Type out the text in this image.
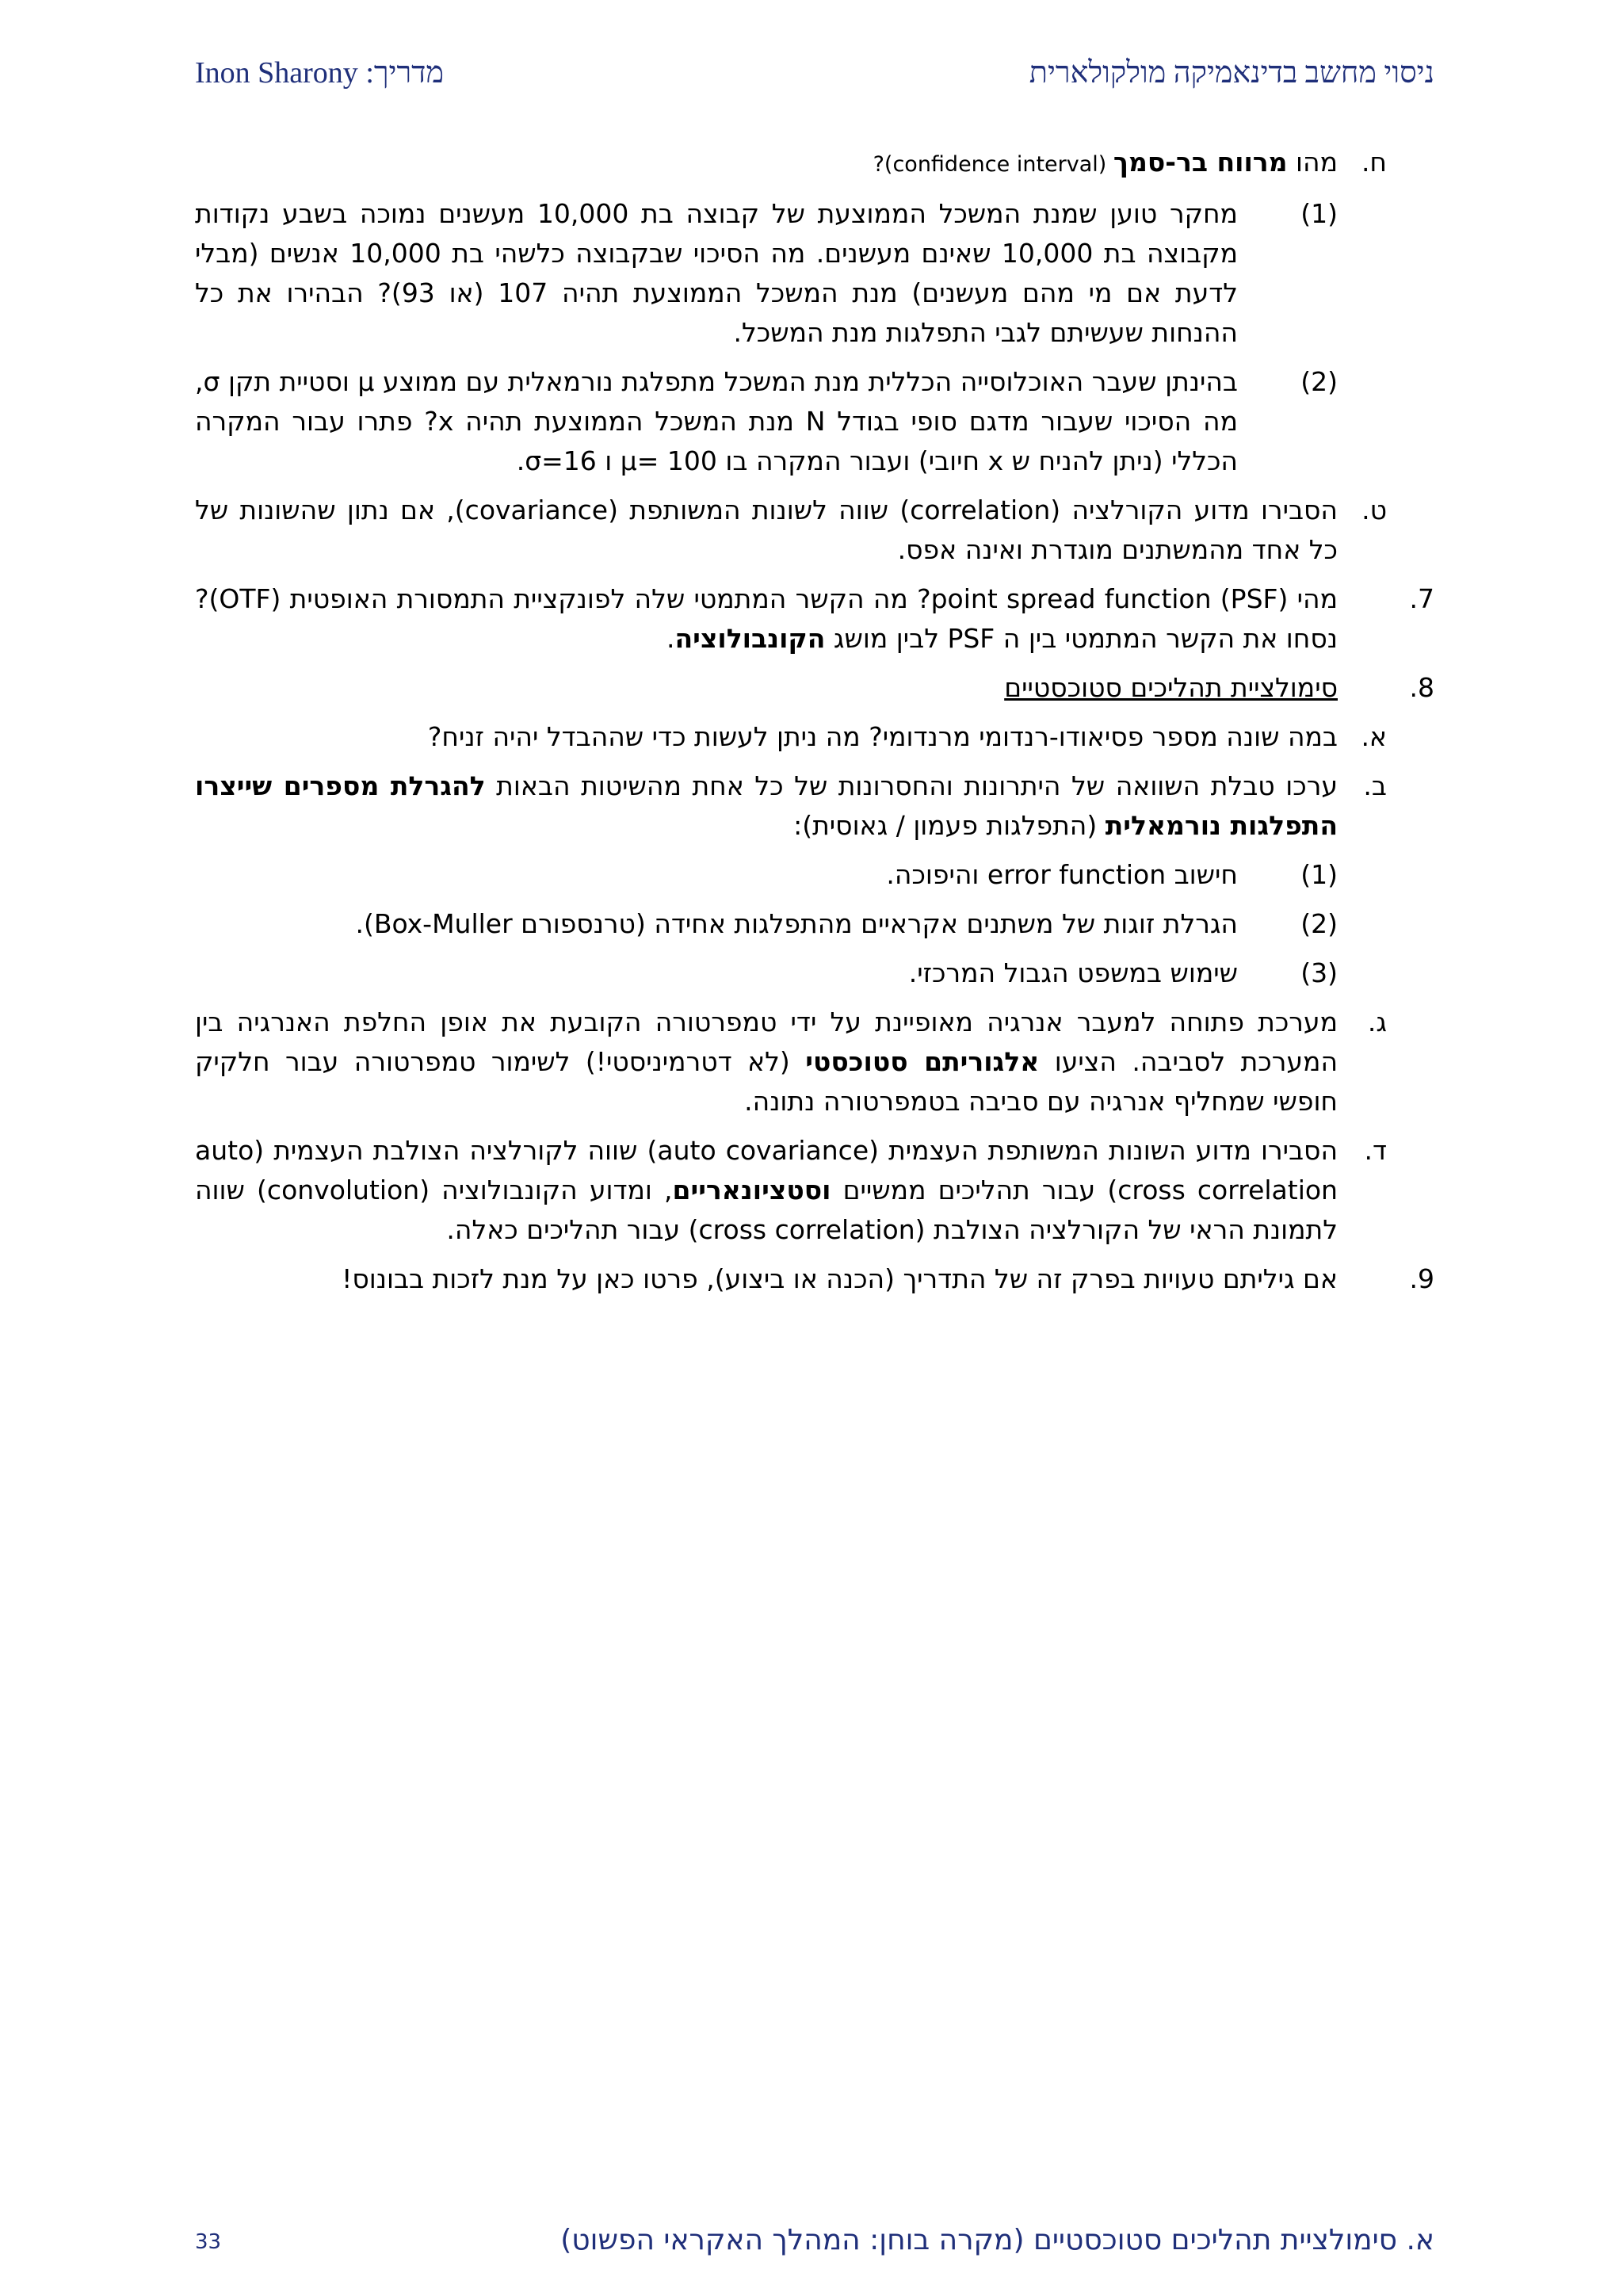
ניסוי מחשב בדינאמיקה מולקולארית
מדריך: Inon Sharony
ח.
מהו מרווח בר-סמך (confidence interval)?
(1)
מחקר טוען שמנת המשכל הממוצעת של קבוצה בת 10,000 מעשנים נמוכה בשבע נקודות מקבוצה בת 10,000 שאינם מעשנים. מה הסיכוי שבקבוצה כלשהי בת 10,000 אנשים (מבלי לדעת אם מי מהם מעשנים) מנת המשכל הממוצעת תהיה 107 (או 93)? הבהירו את כל ההנחות שעשיתם לגבי התפלגות מנת המשכל.
(2)
בהינתן שעבר האוכלוסייה הכללית מנת המשכל מתפלגת נורמאלית עם ממוצע μ וסטיית תקן σ, מה הסיכוי שעבור מדגם סופי בגודל N מנת המשכל הממוצעת תהיה x? פתרו עבור המקרה הכללי (ניתן להניח ש x חיובי) ועבור המקרה בו μ= 100 ו σ=16.
ט.
הסבירו מדוע הקורלציה (correlation) שווה לשונות המשותפת (covariance), אם נתון שהשונות של כל אחד מהמשתנים מוגדרת ואינה אפס.
7.
מהי point spread function (PSF)? מה הקשר המתמטי שלה לפונקציית התמסורת האופטית (OTF)? נסחו את הקשר המתמטי בין ה PSF לבין מושג הקונבולוציה.
8.
סימולציית תהליכים סטוכסטיים
א.
במה שונה מספר פסיאודו-רנדומי מרנדומי? מה ניתן לעשות כדי שההבדל יהיה זניח?
ב.
ערכו טבלת השוואה של היתרונות והחסרונות של כל אחת מהשיטות הבאות להגרלת מספרים שייצרו התפלגות נורמאלית (התפלגות פעמון / גאוסית):
(1)
חישוב error function והיפוכה.
(2)
הגרלת זוגות של משתנים אקראיים מהתפלגות אחידה (טרנספורם Box-Muller).
(3)
שימוש במשפט הגבול המרכזי.
ג.
מערכת פתוחה למעבר אנרגיה מאופיינת על ידי טמפרטורה הקובעת את אופן החלפת האנרגיה בין המערכת לסביבה. הציעו אלגוריתם סטוכסטי (לא דטרמיניסטי!) לשימור טמפרטורה עבור חלקיק חופשי שמחליף אנרגיה עם סביבה בטמפרטורה נתונה.
ד.
הסבירו מדוע השונות המשותפת העצמית (auto covariance) שווה לקורלציה הצולבת העצמית (auto cross correlation) עבור תהליכים ממשיים וסטציונאריים, ומדוע הקונבולוציה (convolution) שווה לתמונת הראי של הקורלציה הצולבת (cross correlation) עבור תהליכים כאלה.
9.
אם גיליתם טעויות בפרק זה של התדריך (הכנה או ביצוע), פרטו כאן על מנת לזכות בבונוס!
א. סימולציית תהליכים סטוכסטיים (מקרה בוחן: המהלך האקראי הפשוט)
33
